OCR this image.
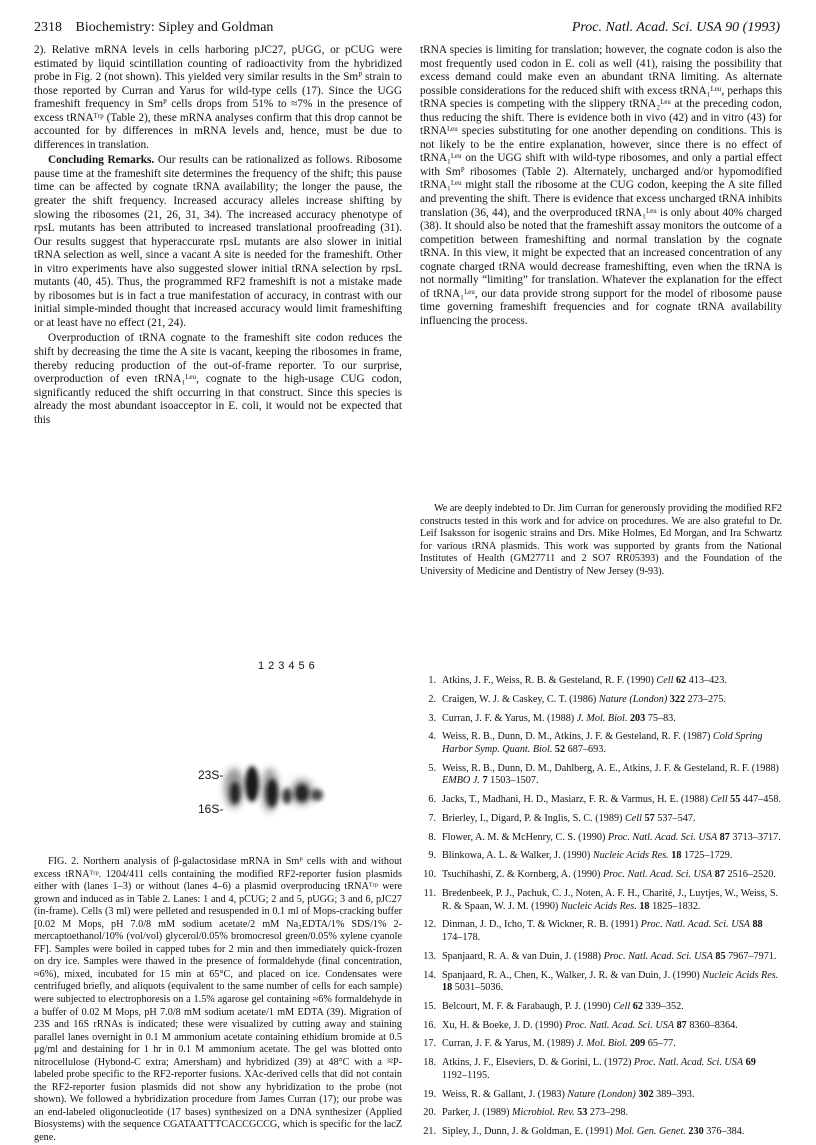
2318 Biochemistry: Sipley and Goldman	Proc. Natl. Acad. Sci. USA 90 (1993)

2). Relative mRNA levels in cells harboring pJC27, pUGG, or pCUG were estimated by liquid scintillation counting of radioactivity from the hybridized probe in Fig. 2 (not shown). This yielded very similar results in the Smᴾ strain to those reported by Curran and Yarus for wild-type cells (17). Since the UGG frameshift frequency in Smᴾ cells drops from 51% to ≈7% in the presence of excess tRNAᵀʳᵖ (Table 2), these mRNA analyses confirm that this drop cannot be accounted for by differences in mRNA levels and, hence, must be due to differences in translation.

Concluding Remarks. Our results can be rationalized as follows. Ribosome pause time at the frameshift site determines the frequency of the shift; this pause time can be affected by cognate tRNA availability; the longer the pause, the greater the shift frequency. Increased accuracy alleles increase shifting by slowing the ribosomes (21, 26, 31, 34). The increased accuracy phenotype of rpsL mutants has been attributed to increased translational proofreading (31). Our results suggest that hyperaccurate rpsL mutants are also slower in initial tRNA selection as well, since a vacant A site is needed for the frameshift. Other in vitro experiments have also suggested slower initial tRNA selection by rpsL mutants (40, 45). Thus, the programmed RF2 frameshift is not a mistake made by ribosomes but is in fact a true manifestation of accuracy, in contrast with our initial simple-minded thought that increased accuracy would limit frameshifting or at least have no effect (21, 24).

Overproduction of tRNA cognate to the frameshift site codon reduces the shift by decreasing the time the A site is vacant, keeping the ribosomes in frame, thereby reducing production of the out-of-frame reporter. To our surprise, overproduction of even tRNA₁ᴸᵉᵘ, cognate to the high-usage CUG codon, significantly reduced the shift occurring in that construct. Since this species is already the most abundant isoacceptor in E. coli, it would not be expected that this

123456
23S-
16S-

FIG. 2. Northern analysis of β-galactosidase mRNA in Smᴾ cells with and without excess tRNAᵀʳᵖ. 1204/411 cells containing the modified RF2-reporter fusion plasmids either with (lanes 1–3) or without (lanes 4–6) a plasmid overproducing tRNAᵀʳᵖ were grown and induced as in Table 2. Lanes: 1 and 4, pCUG; 2 and 5, pUGG; 3 and 6, pJC27 (in-frame). Cells (3 ml) were pelleted and resuspended in 0.1 ml of Mops-cracking buffer [0.02 M Mops, pH 7.0/8 mM sodium acetate/2 mM Na₃EDTA/1% SDS/1% 2-mercaptoethanol/10% (vol/vol) glycerol/0.05% bromocresol green/0.05% xylene cyanole FF]. Samples were boiled in capped tubes for 2 min and then immediately quick-frozen on dry ice. Samples were thawed in the presence of formaldehyde (final concentration, ≈6%), mixed, incubated for 15 min at 65°C, and placed on ice. Condensates were centrifuged briefly, and aliquots (equivalent to the same number of cells for each sample) were subjected to electrophoresis on a 1.5% agarose gel containing ≈6% formaldehyde in a buffer of 0.02 M Mops, pH 7.0/8 mM sodium acetate/1 mM EDTA (39). Migration of 23S and 16S rRNAs is indicated; these were visualized by cutting away and staining parallel lanes overnight in 0.1 M ammonium acetate containing ethidium bromide at 0.5 μg/ml and destaining for 1 hr in 0.1 M ammonium acetate. The gel was blotted onto nitrocellulose (Hybond-C extra; Amersham) and hybridized (39) at 48°C with a ³²P-labeled probe specific to the RF2-reporter fusions. XAc-derived cells that did not contain the RF2-reporter fusion plasmids did not show any hybridization to the probe (not shown). We followed a hybridization procedure from James Curran (17); our probe was an end-labeled oligonucleotide (17 bases) synthesized on a DNA synthesizer (Applied Biosystems) with the sequence CGATAATTTCACCGCCG, which is specific for the lacZ gene.

tRNA species is limiting for translation; however, the cognate codon is also the most frequently used codon in E. coli as well (41), raising the possibility that excess demand could make even an abundant tRNA limiting. As alternate possible considerations for the reduced shift with excess tRNA₁ᴸᵉᵘ, perhaps this tRNA species is competing with the slippery tRNA₂ᴸᵉᵘ at the preceding codon, thus reducing the shift. There is evidence both in vivo (42) and in vitro (43) for tRNAᴸᵉᵘ species substituting for one another depending on conditions. This is not likely to be the entire explanation, however, since there is no effect of tRNA₁ᴸᵉᵘ on the UGG shift with wild-type ribosomes, and only a partial effect with Smᴾ ribosomes (Table 2). Alternately, uncharged and/or hypomodified tRNA₁ᴸᵉᵘ might stall the ribosome at the CUG codon, keeping the A site filled and preventing the shift. There is evidence that excess uncharged tRNA inhibits translation (36, 44), and the overproduced tRNA₁ᴸᵉᵘ is only about 40% charged (38). It should also be noted that the frameshift assay monitors the outcome of a competition between frameshifting and normal translation by the cognate tRNA. In this view, it might be expected that an increased concentration of any cognate charged tRNA would decrease frameshifting, even when the tRNA is not normally “limiting” for translation. Whatever the explanation for the effect of tRNA₁ᴸᵉᵘ, our data provide strong support for the model of ribosome pause time governing frameshift frequencies and for cognate tRNA availability influencing the process.

We are deeply indebted to Dr. Jim Curran for generously providing the modified RF2 constructs tested in this work and for advice on procedures. We are also grateful to Dr. Leif Isaksson for isogenic strains and Drs. Mike Holmes, Ed Morgan, and Ira Schwartz for various tRNA plasmids. This work was supported by grants from the National Institutes of Health (GM27711 and 2 SO7 RR05393) and the Foundation of the University of Medicine and Dentistry of New Jersey (9-93).

1. Atkins, J. F., Weiss, R. B. & Gesteland, R. F. (1990) Cell 62 413–423.
2. Craigen, W. J. & Caskey, C. T. (1986) Nature (London) 322 273–275.
3. Curran, J. F. & Yarus, M. (1988) J. Mol. Biol. 203 75–83.
4. Weiss, R. B., Dunn, D. M., Atkins, J. F. & Gesteland, R. F. (1987) Cold Spring Harbor Symp. Quant. Biol. 52 687–693.
5. Weiss, R. B., Dunn, D. M., Dahlberg, A. E., Atkins, J. F. & Gesteland, R. F. (1988) EMBO J. 7 1503–1507.
6. Jacks, T., Madhani, H. D., Masiarz, F. R. & Varmus, H. E. (1988) Cell 55 447–458.
7. Brierley, I., Digard, P. & Inglis, S. C. (1989) Cell 57 537–547.
8. Flower, A. M. & McHenry, C. S. (1990) Proc. Natl. Acad. Sci. USA 87 3713–3717.
9. Blinkowa, A. L. & Walker, J. (1990) Nucleic Acids Res. 18 1725–1729.
10. Tsuchihashi, Z. & Kornberg, A. (1990) Proc. Natl. Acad. Sci. USA 87 2516–2520.
11. Bredenbeek, P. J., Pachuk, C. J., Noten, A. F. H., Charité, J., Luytjes, W., Weiss, S. R. & Spaan, W. J. M. (1990) Nucleic Acids Res. 18 1825–1832.
12. Dinman, J. D., Icho, T. & Wickner, R. B. (1991) Proc. Natl. Acad. Sci. USA 88 174–178.
13. Spanjaard, R. A. & van Duin, J. (1988) Proc. Natl. Acad. Sci. USA 85 7967–7971.
14. Spanjaard, R. A., Chen, K., Walker, J. R. & van Duin, J. (1990) Nucleic Acids Res. 18 5031–5036.
15. Belcourt, M. F. & Farabaugh, P. J. (1990) Cell 62 339–352.
16. Xu, H. & Boeke, J. D. (1990) Proc. Natl. Acad. Sci. USA 87 8360–8364.
17. Curran, J. F. & Yarus, M. (1989) J. Mol. Biol. 209 65–77.
18. Atkins, J. F., Elseviers, D. & Gorini, L. (1972) Proc. Natl. Acad. Sci. USA 69 1192–1195.
19. Weiss, R. & Gallant, J. (1983) Nature (London) 302 389–393.
20. Parker, J. (1989) Microbiol. Rev. 53 273–298.
21. Sipley, J., Dunn, J. & Goldman, E. (1991) Mol. Gen. Genet. 230 376–384.
